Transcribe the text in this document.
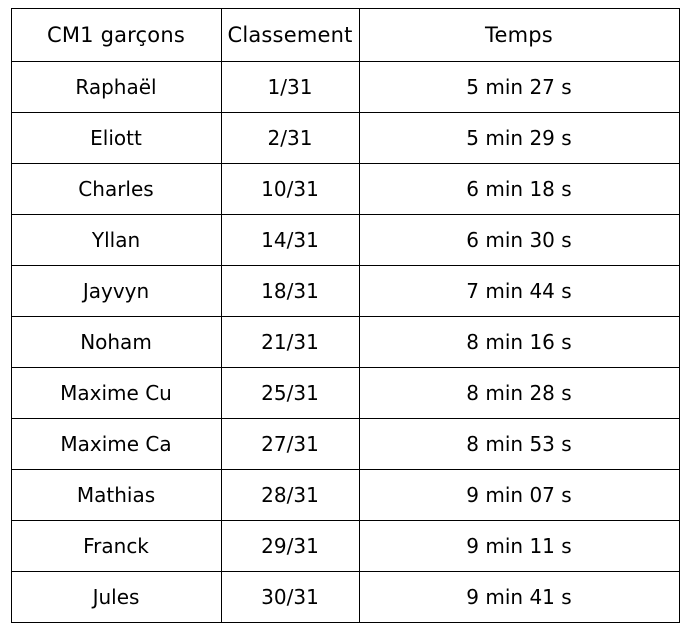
CM1 garçons	Classement	Temps
Raphaël	1/31	5 min 27 s
Eliott	2/31	5 min 29 s
Charles	10/31	6 min 18 s
Yllan	14/31	6 min 30 s
Jayvyn	18/31	7 min 44 s
Noham	21/31	8 min 16 s
Maxime Cu	25/31	8 min 28 s
Maxime Ca	27/31	8 min 53 s
Mathias	28/31	9 min 07 s
Franck	29/31	9 min 11 s
Jules	30/31	9 min 41 s
